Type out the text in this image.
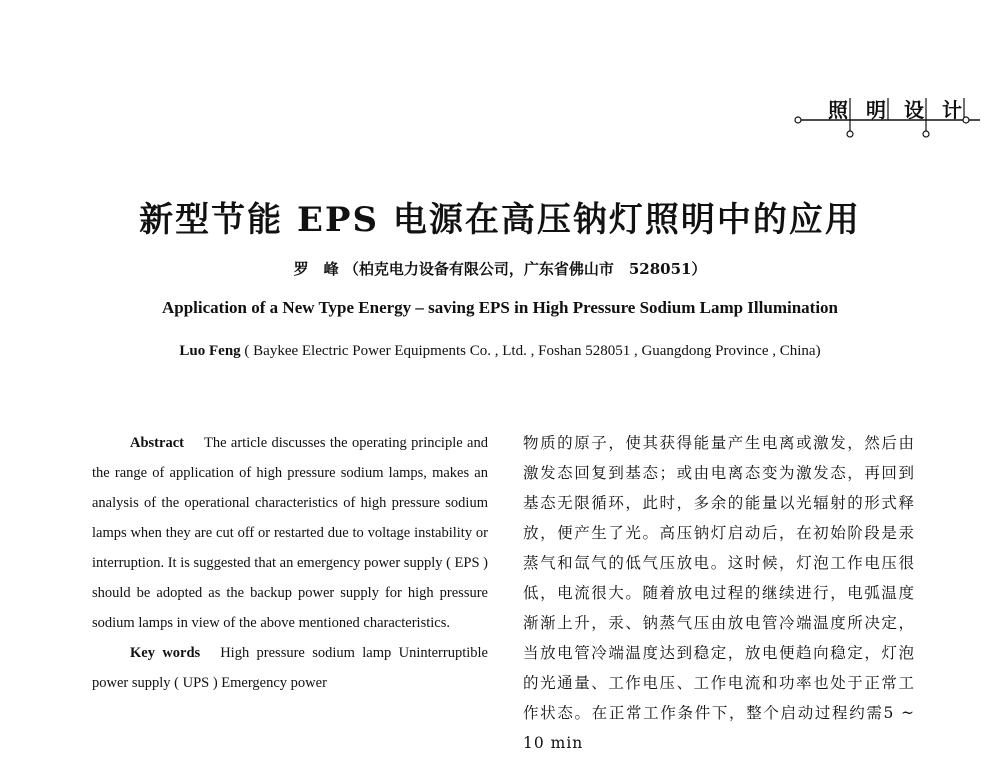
照 明 设 计
新型节能 EPS 电源在高压钠灯照明中的应用
罗　峰 （柏克电力设备有限公司，广东省佛山市　528051）
Application of a New Type Energy – saving EPS in High Pressure Sodium Lamp Illumination
Luo Feng ( Baykee Electric Power Equipments Co. , Ltd. , Foshan 528051 , Guangdong Province , China)

Abstract The article discusses the operating principle and the range of application of high pressure sodium lamps, makes an analysis of the operational characteristics of high pressure sodium lamps when they are cut off or restarted due to voltage instability or interruption. It is suggested that an emergency power supply ( EPS ) should be adopted as the backup power supply for high pressure sodium lamps in view of the above mentioned characteristics.

Key words High pressure sodium lamp Uninterruptible power supply ( UPS ) Emergency power

物质的原子，使其获得能量产生电离或激发，然后由激发态回复到基态；或由电离态变为激发态，再回到基态无限循环，此时，多余的能量以光辐射的形式释放，便产生了光。高压钠灯启动后，在初始阶段是汞蒸气和氙气的低气压放电。这时候，灯泡工作电压很低，电流很大。随着放电过程的继续进行，电弧温度渐渐上升，汞、钠蒸气压由放电管冷端温度所决定，当放电管冷端温度达到稳定，放电便趋向稳定，灯泡的光通量、工作电压、工作电流和功率也处于正常工作状态。在正常工作条件下，整个启动过程约需5 ~ 10 min
